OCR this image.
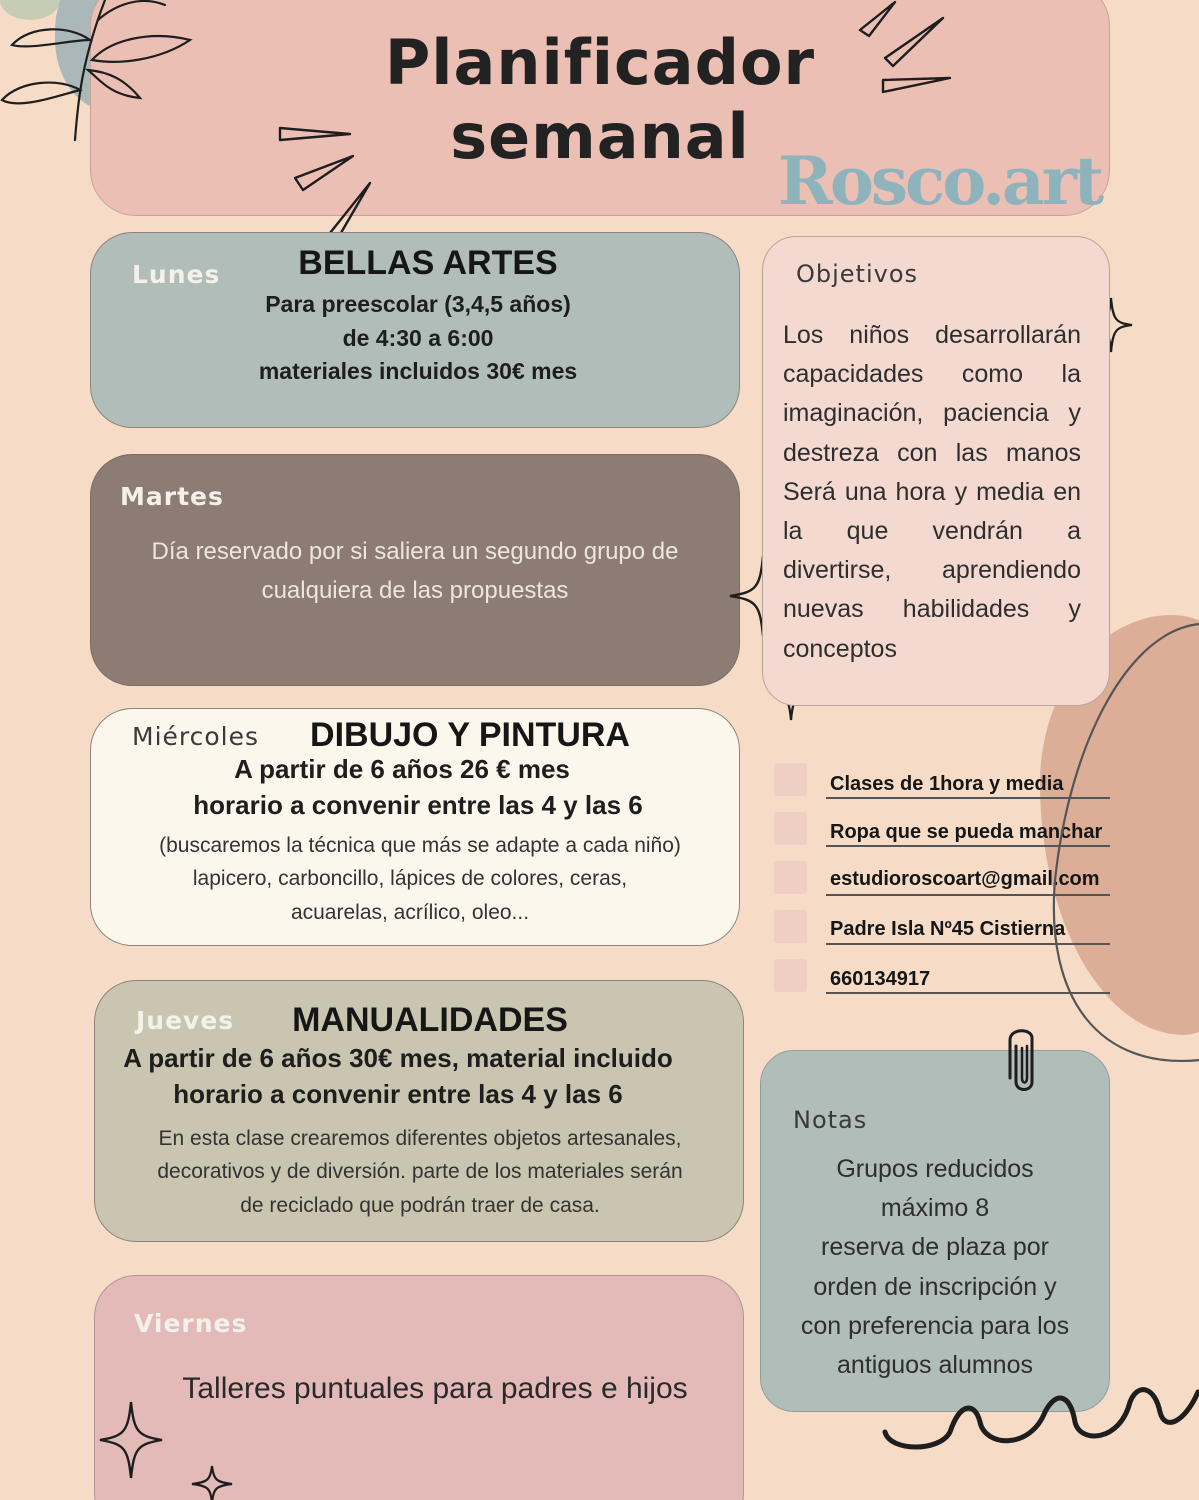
Planificador
semanal
Rosco.art
Lunes	BELLAS ARTES
Para preescolar (3,4,5 años)
de 4:30 a 6:00
materiales incluidos 30€ mes
Martes
Día reservado por si saliera un segundo grupo de
cualquiera de las propuestas
Miércoles	DIBUJO Y PINTURA
A partir de 6 años 26 € mes
horario a convenir entre las 4 y las 6
(buscaremos la técnica que más se adapte a cada niño)
lapicero, carboncillo, lápices de colores, ceras,
acuarelas, acrílico, oleo...
Jueves	MANUALIDADES
A partir de 6 años 30€ mes, material incluido
horario a convenir entre las 4 y las 6
En esta clase crearemos diferentes objetos artesanales,
decorativos y de diversión. parte de los materiales serán
de reciclado que podrán traer de casa.
Viernes
Talleres puntuales para padres e hijos
Objetivos
Los niños desarrollarán capacidades como la imaginación, paciencia y destreza con las manos Será una hora y media en la que vendrán a divertirse, aprendiendo nuevas habilidades y conceptos
Clases de 1hora y media
Ropa que se pueda manchar
estudioroscoart@gmail.com
Padre Isla Nº45 Cistierna
660134917
Notas
Grupos reducidos
máximo 8
reserva de plaza por
orden de inscripción y
con preferencia para los
antiguos alumnos
